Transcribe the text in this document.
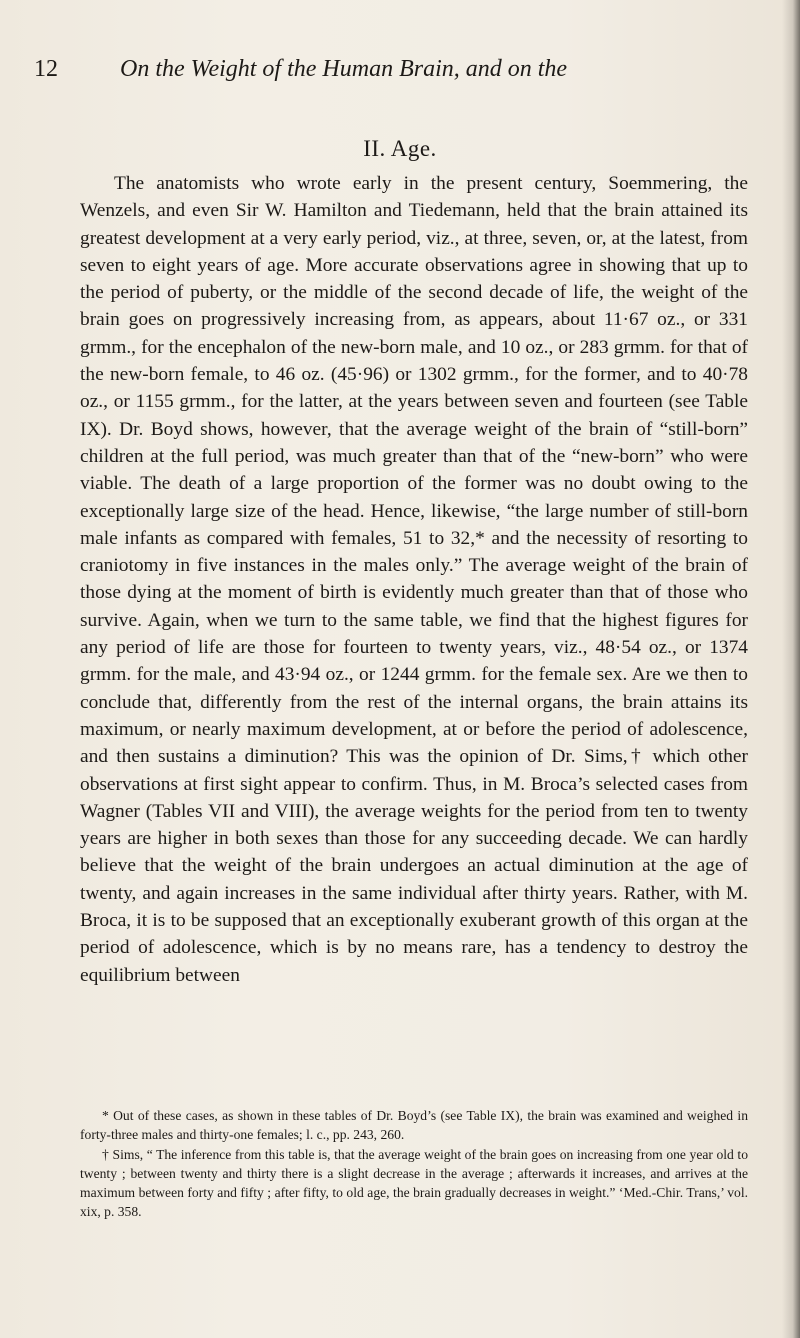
12	On the Weight of the Human Brain, and on the
II. Age.

The anatomists who wrote early in the present century, Soemmering, the Wenzels, and even Sir W. Hamilton and Tiedemann, held that the brain attained its greatest development at a very early period, viz., at three, seven, or, at the latest, from seven to eight years of age. More accurate observations agree in showing that up to the period of puberty, or the middle of the second decade of life, the weight of the brain goes on progressively increasing from, as appears, about 11·67 oz., or 331 grmm., for the encephalon of the new-born male, and 10 oz., or 283 grmm. for that of the new-born female, to 46 oz. (45·96) or 1302 grmm., for the former, and to 40·78 oz., or 1155 grmm., for the latter, at the years between seven and fourteen (see Table IX). Dr. Boyd shows, however, that the average weight of the brain of “still-born” children at the full period, was much greater than that of the “new-born” who were viable. The death of a large proportion of the former was no doubt owing to the exceptionally large size of the head. Hence, likewise, “the large number of still-born male infants as compared with females, 51 to 32,* and the necessity of resorting to craniotomy in five instances in the males only.” The average weight of the brain of those dying at the moment of birth is evidently much greater than that of those who survive. Again, when we turn to the same table, we find that the highest figures for any period of life are those for fourteen to twenty years, viz., 48·54 oz., or 1374 grmm. for the male, and 43·94 oz., or 1244 grmm. for the female sex. Are we then to conclude that, differently from the rest of the internal organs, the brain attains its maximum, or nearly maximum development, at or before the period of adolescence, and then sustains a diminution? This was the opinion of Dr. Sims,† which other observations at first sight appear to confirm. Thus, in M. Broca’s selected cases from Wagner (Tables VII and VIII), the average weights for the period from ten to twenty years are higher in both sexes than those for any succeeding decade. We can hardly believe that the weight of the brain undergoes an actual diminution at the age of twenty, and again increases in the same individual after thirty years. Rather, with M. Broca, it is to be supposed that an exceptionally exuberant growth of this organ at the period of adolescence, which is by no means rare, has a tendency to destroy the equilibrium between

* Out of these cases, as shown in these tables of Dr. Boyd’s (see Table IX), the brain was examined and weighed in forty-three males and thirty-one females; l. c., pp. 243, 260.

† Sims, “ The inference from this table is, that the average weight of the brain goes on increasing from one year old to twenty ; between twenty and thirty there is a slight decrease in the average ; afterwards it increases, and arrives at the maximum between forty and fifty ; after fifty, to old age, the brain gradually decreases in weight.” ‘Med.-Chir. Trans,’ vol. xix, p. 358.
